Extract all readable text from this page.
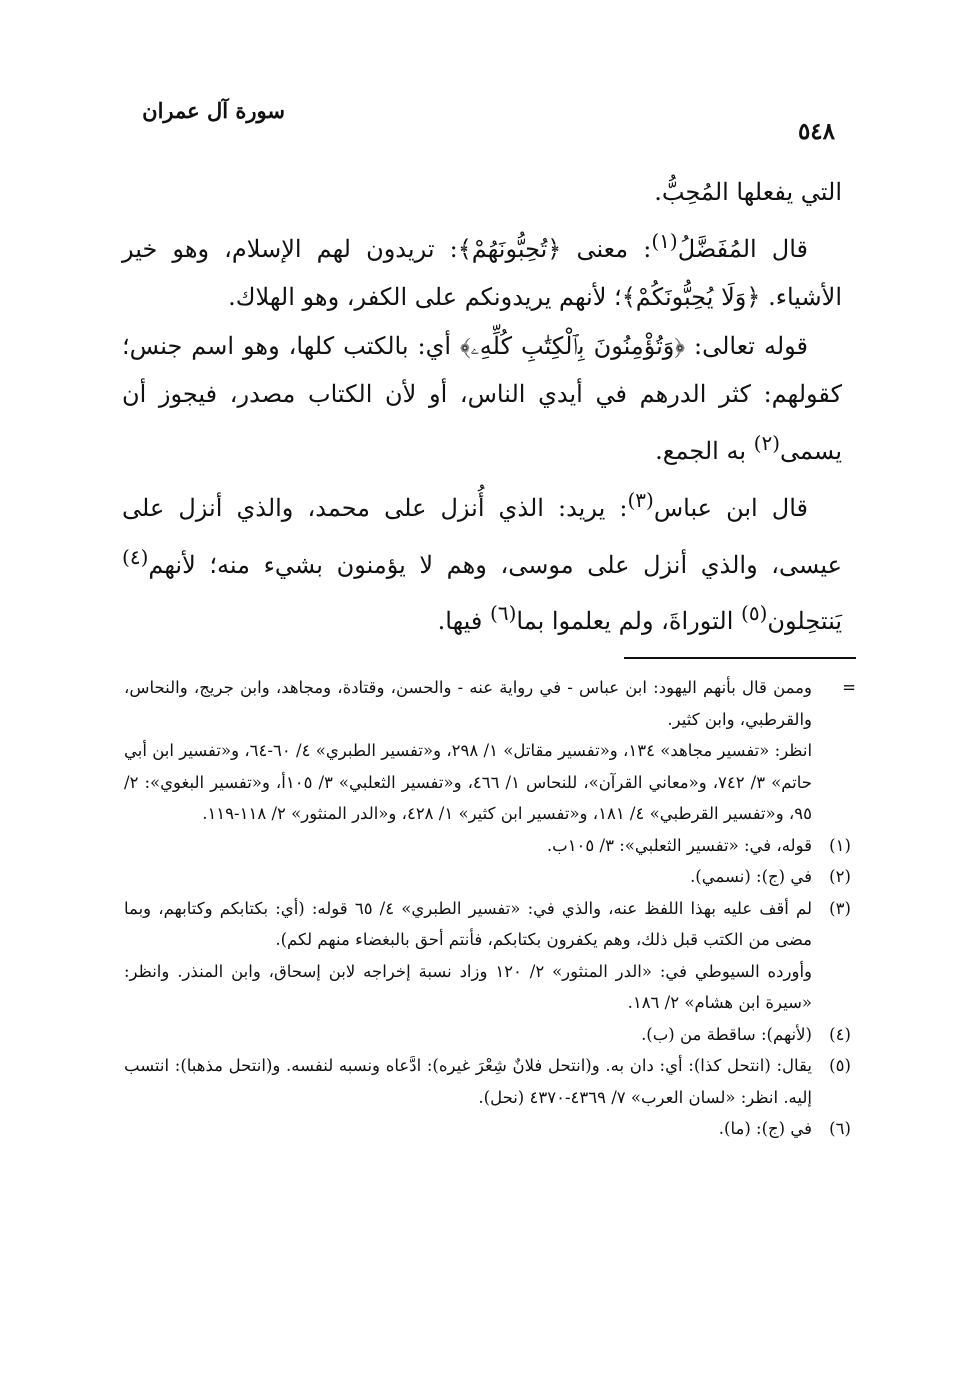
سورة آل عمران
٥٤٨

التي يفعلها المُحِبُّ.

قال المُفَضَّلُ$^{(١)}$: معنى ﴿تُحِبُّونَهُمْ﴾: تريدون لهم الإسلام، وهو خير الأشياء. ﴿وَلَا يُحِبُّونَكُمْ﴾؛ لأنهم يريدونكم على الكفر، وهو الهلاك.

قوله تعالى: ﴿وَتُؤْمِنُونَ بِٱلْكِتَٰبِ كُلِّهِۦ﴾ أي: بالكتب كلها، وهو اسم جنس؛ كقولهم: كثر الدرهم في أيدي الناس، أو لأن الكتاب مصدر، فيجوز أن يسمى$^{(٢)}$ به الجمع.

قال ابن عباس$^{(٣)}$: يريد: الذي أُنزل على محمد، والذي أنزل على عيسى، والذي أنزل على موسى، وهم لا يؤمنون بشيء منه؛ لأنهم$^{(٤)}$ يَنتحِلون$^{(٥)}$ التوراةَ، ولم يعلموا بما$^{(٦)}$ فيها.

=

وممن قال بأنهم اليهود: ابن عباس - في رواية عنه - والحسن، وقتادة، ومجاهد، وابن جريج، والنحاس، والقرطبي، وابن كثير.

انظر: «تفسير مجاهد» ١٣٤، و«تفسير مقاتل» ١/ ٢٩٨، و«تفسير الطبري» ٤/ ٦٠-٦٤، و«تفسير ابن أبي حاتم» ٣/ ٧٤٢، و«معاني القرآن»، للنحاس ١/ ٤٦٦، و«تفسير الثعلبي» ٣/ ١٠٥أ، و«تفسير البغوي»: ٢/ ٩٥، و«تفسير القرطبي» ٤/ ١٨١، و«تفسير ابن كثير» ١/ ٤٢٨، و«الدر المنثور» ٢/ ١١٨-١١٩.

(١)

قوله، في: «تفسير الثعلبي»: ٣/ ١٠٥ب.

(٢)

في (ج): (نسمي).

(٣)

لم أقف عليه بهذا اللفظ عنه، والذي في: «تفسير الطبري» ٤/ ٦٥ قوله: (أي: بكتابكم وكتابهم، وبما مضى من الكتب قبل ذلك، وهم يكفرون بكتابكم، فأنتم أحق بالبغضاء منهم لكم).

وأورده السيوطي في: «الدر المنثور» ٢/ ١٢٠ وزاد نسبة إخراجه لابن إسحاق، وابن المنذر. وانظر: «سيرة ابن هشام» ٢/ ١٨٦.

(٤)

(لأنهم): ساقطة من (ب).

(٥)

يقال: (انتحل كذا): أي: دان به. و(انتحل فلانٌ شِعْرَ غيره): ادَّعاه ونسبه لنفسه. و(انتحل مذهبا): انتسب إليه. انظر: «لسان العرب» ٧/ ٤٣٦٩-٤٣٧٠ (نحل).

(٦)

في (ج): (ما).
